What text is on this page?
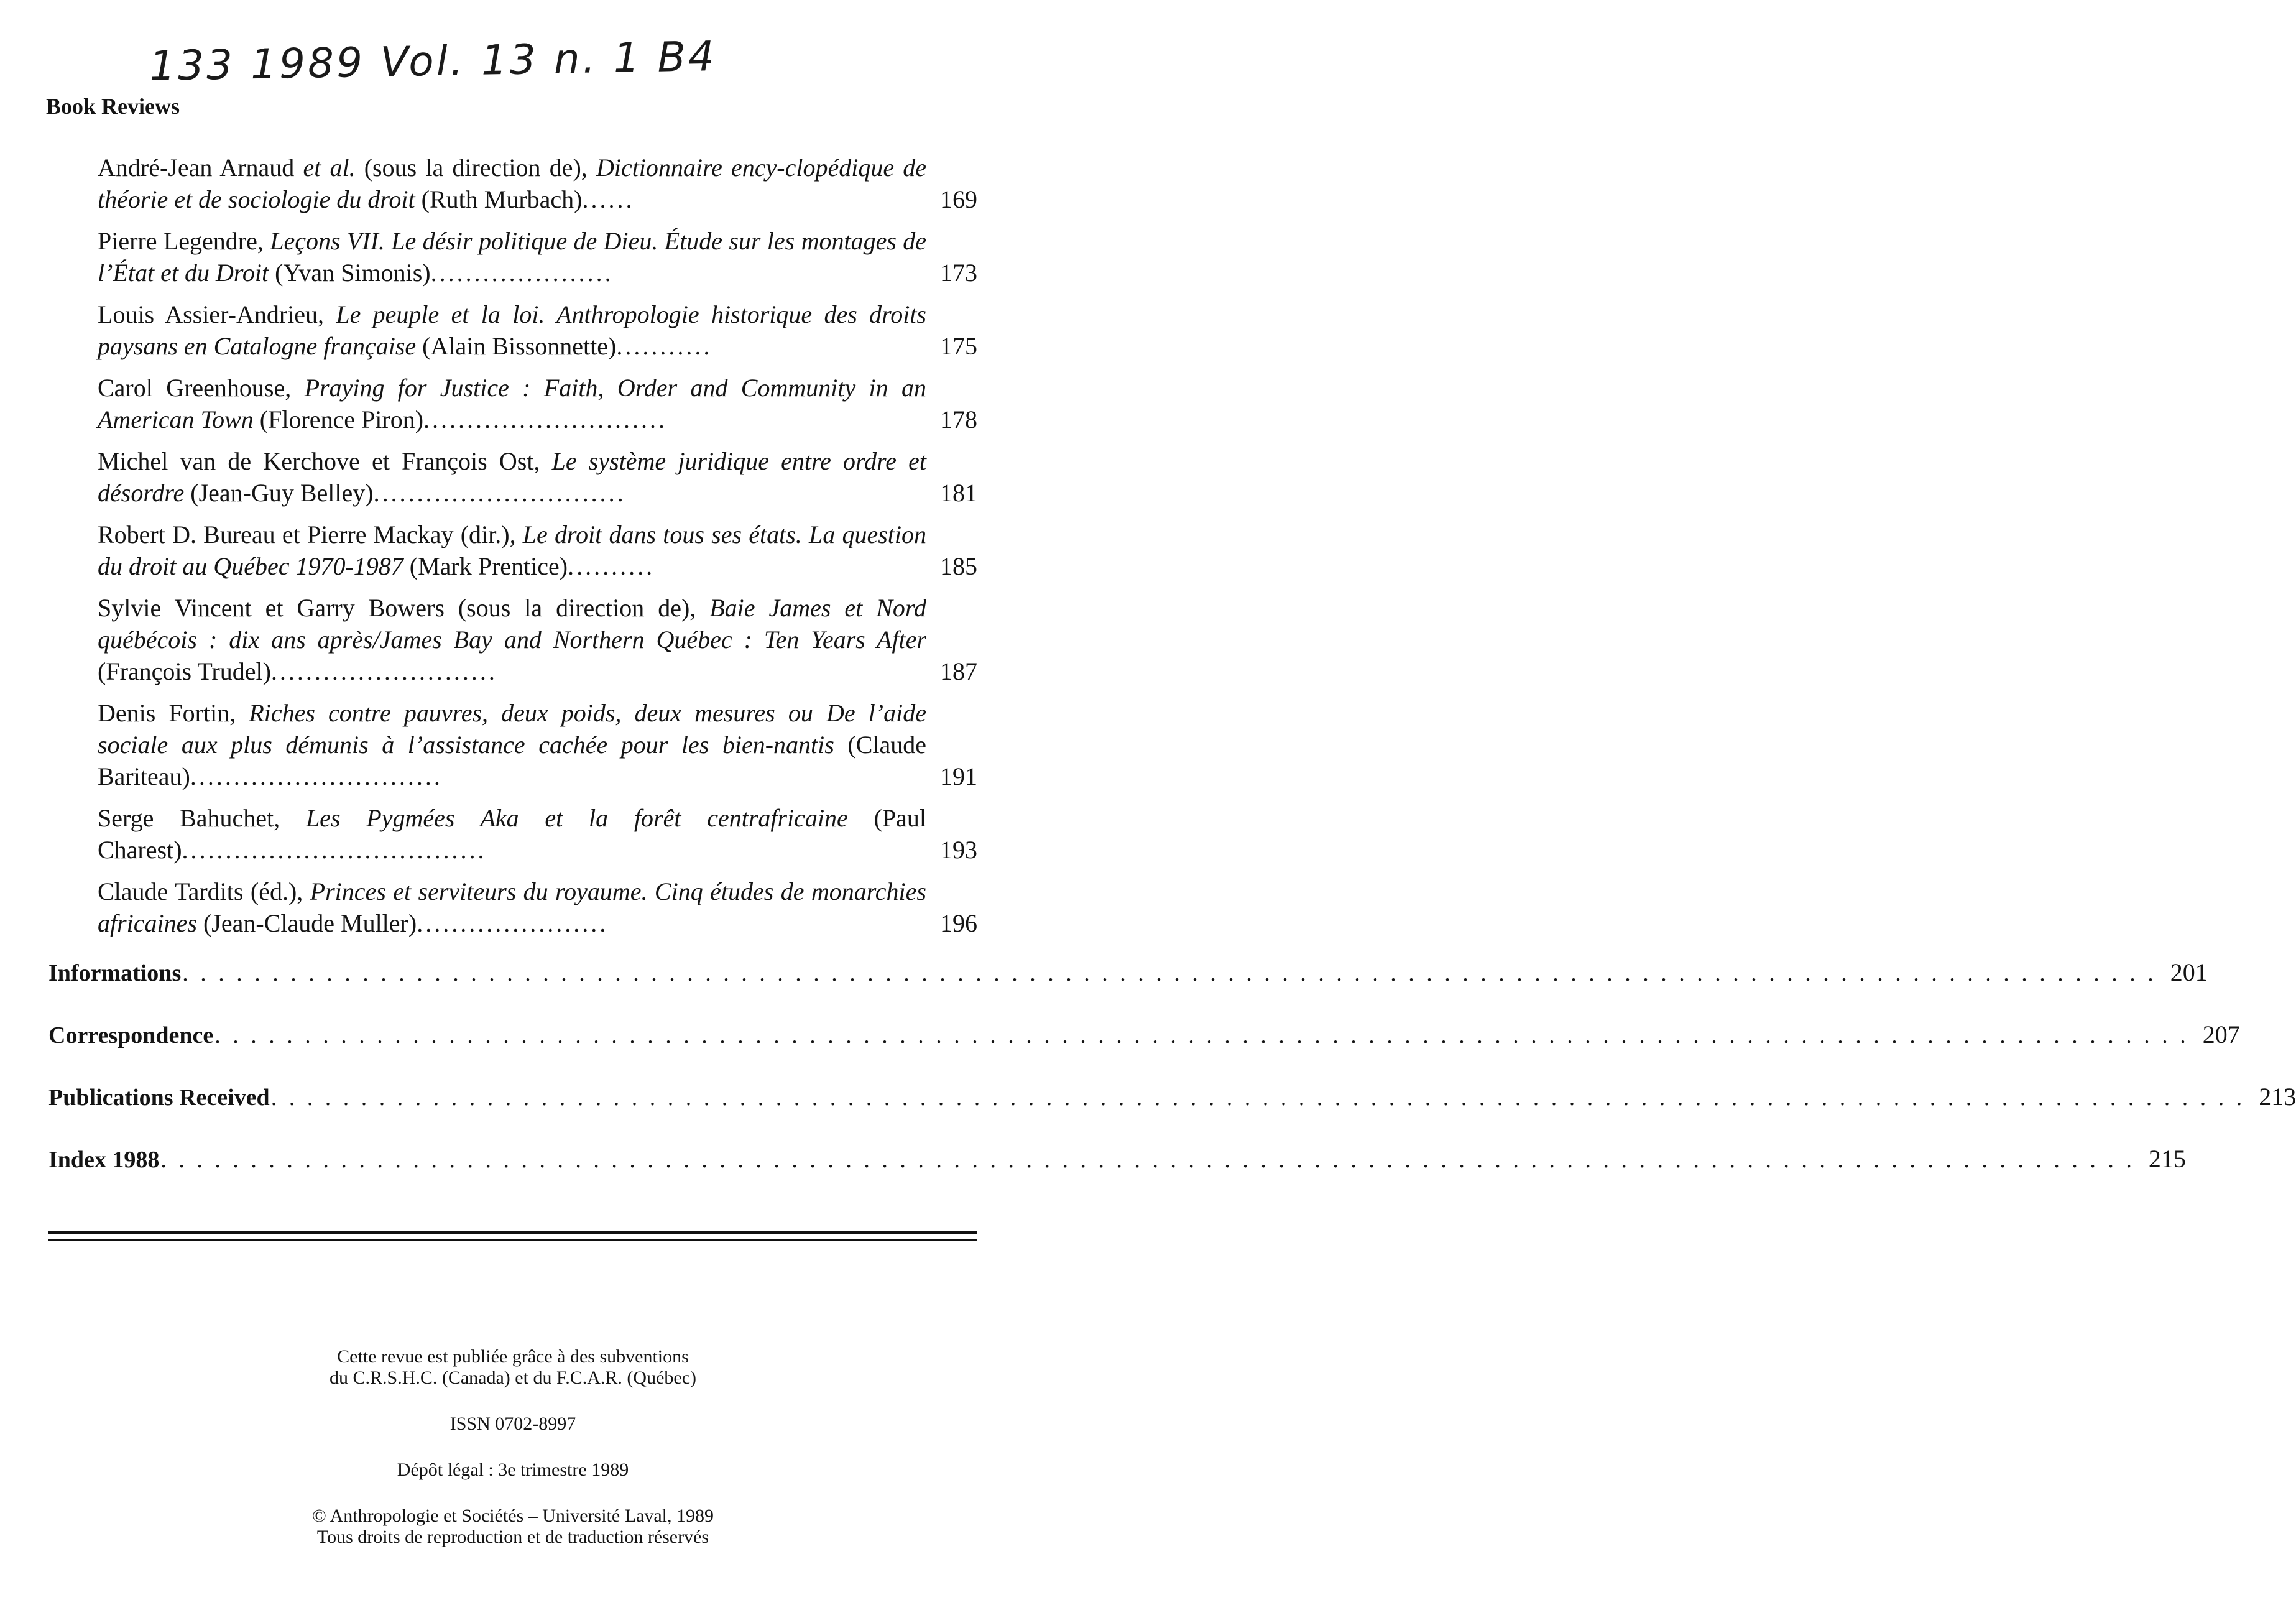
133 1989 Vol. 13 n. 1 B4
Book Reviews
André-Jean Arnaud et al. (sous la direction de), Dictionnaire ency-clopédique de théorie et de sociologie du droit (Ruth Murbach)......	169
Pierre Legendre, Leçons VII. Le désir politique de Dieu. Étude sur les montages de l’État et du Droit (Yvan Simonis).....................	173
Louis Assier-Andrieu, Le peuple et la loi. Anthropologie historique des droits paysans en Catalogne française (Alain Bissonnette)...........	175
Carol Greenhouse, Praying for Justice : Faith, Order and Community in an American Town (Florence Piron)............................	178
Michel van de Kerchove et François Ost, Le système juridique entre ordre et désordre (Jean-Guy Belley).............................	181
Robert D. Bureau et Pierre Mackay (dir.), Le droit dans tous ses états. La question du droit au Québec 1970-1987 (Mark Prentice)..........	185
Sylvie Vincent et Garry Bowers (sous la direction de), Baie James et Nord québécois : dix ans après/James Bay and Northern Québec : Ten Years After (François Trudel)..........................	187
Denis Fortin, Riches contre pauvres, deux poids, deux mesures ou De l’aide sociale aux plus démunis à l’assistance cachée pour les bien-nantis (Claude Bariteau).............................	191
Serge Bahuchet, Les Pygmées Aka et la forêt centrafricaine (Paul Charest)...................................	193
Claude Tardits (éd.), Princes et serviteurs du royaume. Cinq études de monarchies africaines (Jean-Claude Muller)......................	196
Informations . . . . . . . . . . . . . . . . . . . . . . . . . . . . . . . . . . . . . . . . . . . . . . . . . . . . . . . . . . . . . . . . . . . . . . . . . . . . . . . . . . . . . . . . . . . . . . . . . . . . . . . . . . . . . . 201
Correspondence . . . . . . . . . . . . . . . . . . . . . . . . . . . . . . . . . . . . . . . . . . . . . . . . . . . . . . . . . . . . . . . . . . . . . . . . . . . . . . . . . . . . . . . . . . . . . . . . . . . . . . . . . . . . . . 207
Publications Received . . . . . . . . . . . . . . . . . . . . . . . . . . . . . . . . . . . . . . . . . . . . . . . . . . . . . . . . . . . . . . . . . . . . . . . . . . . . . . . . . . . . . . . . . . . . . . . . . . . . . . . . . . . . . . 213
Index 1988 . . . . . . . . . . . . . . . . . . . . . . . . . . . . . . . . . . . . . . . . . . . . . . . . . . . . . . . . . . . . . . . . . . . . . . . . . . . . . . . . . . . . . . . . . . . . . . . . . . . . . . . . . . . . . . 215

Cette revue est publiée grâce à des subventions

du C.R.S.H.C. (Canada) et du F.C.A.R. (Québec)

ISSN 0702-8997

Dépôt légal : 3e trimestre 1989

© Anthropologie et Sociétés – Université Laval, 1989

Tous droits de reproduction et de traduction réservés
